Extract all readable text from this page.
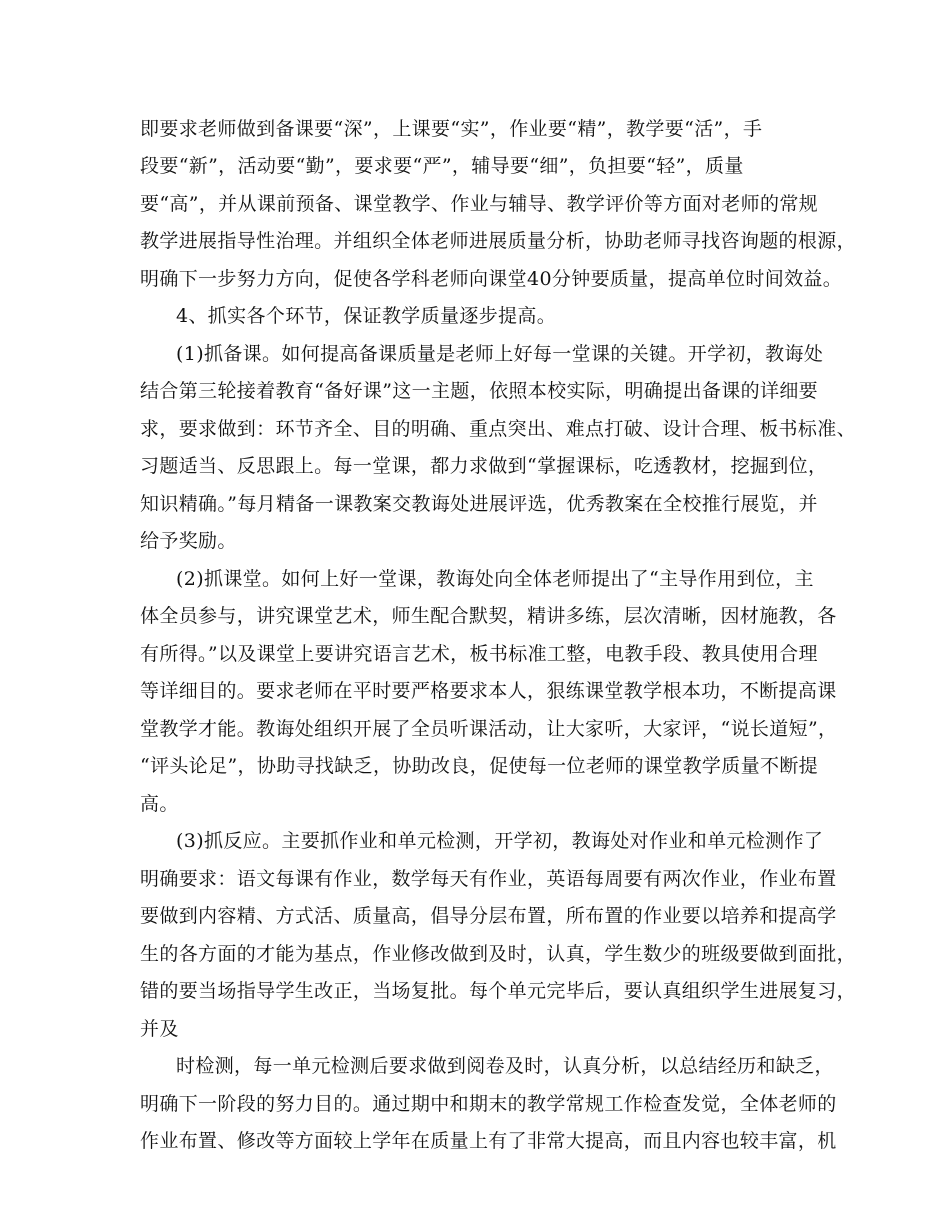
即要求老师做到备课要“深”，上课要“实”，作业要“精”，教学要“活”，手
段要“新”，活动要“勤”，要求要“严”，辅导要“细”，负担要“轻”，质量
要“高”，并从课前预备、课堂教学、作业与辅导、教学评价等方面对老师的常规
教学进展指导性治理。并组织全体老师进展质量分析，协助老师寻找咨询题的根源，
明确下一步努力方向，促使各学科老师向课堂40分钟要质量，提高单位时间效益。
4、抓实各个环节，保证教学质量逐步提高。
(1)抓备课。如何提高备课质量是老师上好每一堂课的关键。开学初，教诲处
结合第三轮接着教育“备好课”这一主题，依照本校实际，明确提出备课的详细要
求，要求做到：环节齐全、目的明确、重点突出、难点打破、设计合理、板书标准、
习题适当、反思跟上。每一堂课，都力求做到“掌握课标，吃透教材，挖掘到位，
知识精确。”每月精备一课教案交教诲处进展评选，优秀教案在全校推行展览，并
给予奖励。
(2)抓课堂。如何上好一堂课，教诲处向全体老师提出了“主导作用到位，主
体全员参与，讲究课堂艺术，师生配合默契，精讲多练，层次清晰，因材施教，各
有所得。”以及课堂上要讲究语言艺术，板书标准工整，电教手段、教具使用合理
等详细目的。要求老师在平时要严格要求本人，狠练课堂教学根本功，不断提高课
堂教学才能。教诲处组织开展了全员听课活动，让大家听，大家评，“说长道短”，
“评头论足”，协助寻找缺乏，协助改良，促使每一位老师的课堂教学质量不断提
高。
(3)抓反应。主要抓作业和单元检测，开学初，教诲处对作业和单元检测作了
明确要求：语文每课有作业，数学每天有作业，英语每周要有两次作业，作业布置
要做到内容精、方式活、质量高，倡导分层布置，所布置的作业要以培养和提高学
生的各方面的才能为基点，作业修改做到及时，认真，学生数少的班级要做到面批，
错的要当场指导学生改正，当场复批。每个单元完毕后，要认真组织学生进展复习，
并及
时检测，每一单元检测后要求做到阅卷及时，认真分析，以总结经历和缺乏，
明确下一阶段的努力目的。通过期中和期末的教学常规工作检查发觉，全体老师的
作业布置、修改等方面较上学年在质量上有了非常大提高，而且内容也较丰富，机
